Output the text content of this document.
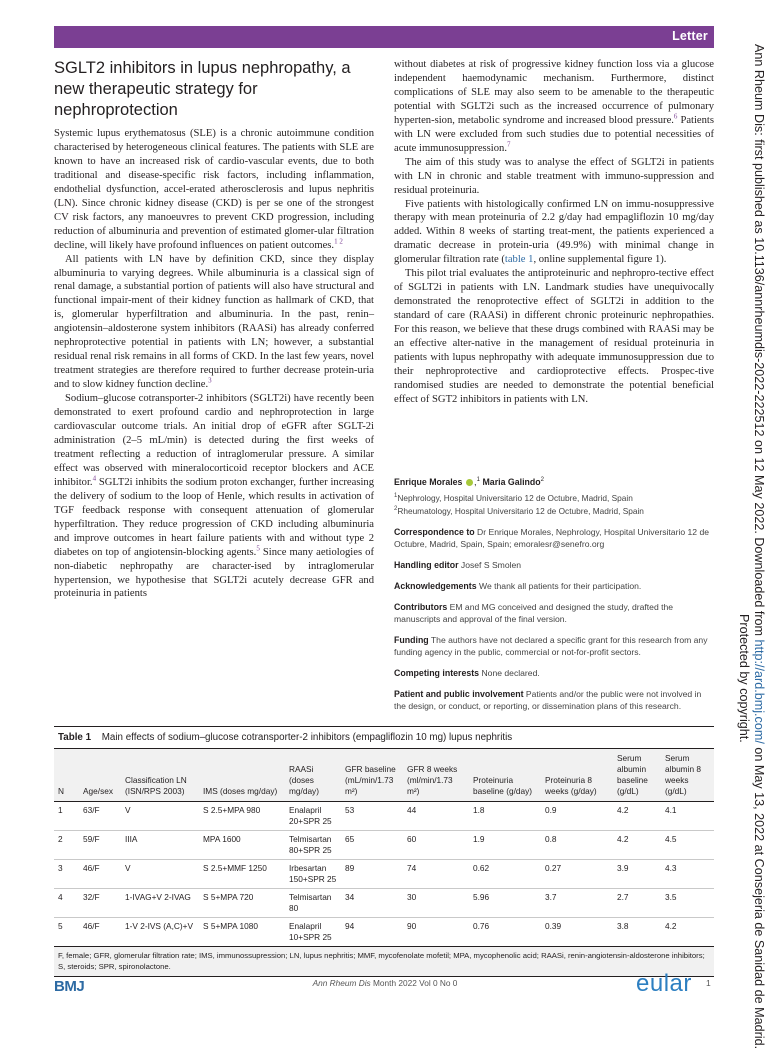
Letter
SGLT2 inhibitors in lupus nephropathy, a new therapeutic strategy for nephroprotection

Systemic lupus erythematosus (SLE) is a chronic autoimmune condition characterised by heterogeneous clinical features. The patients with SLE are known to have an increased risk of cardio-vascular events, due to both traditional and disease-specific risk factors, including inflammation, endothelial dysfunction, accel-erated atherosclerosis and lupus nephritis (LN). Since chronic kidney disease (CKD) is per se one of the strongest CV risk factors, any manoeuvres to prevent CKD progression, including reduction of albuminuria and prevention of estimated glomer-ular filtration decline, will likely have profound influences on patient outcomes.$^{1 2}$

All patients with LN have by definition CKD, since they display albuminuria to varying degrees. While albuminuria is a classical sign of renal damage, a substantial portion of patients will also have structural and functional impair-ment of their kidney function as hallmark of CKD, that is, glomerular hyperfiltration and albuminuria. In the past, renin–angiotensin–aldosterone system inhibitors (RAASi) has already conferred nephroprotective potential in patients with LN; however, a substantial residual renal risk remains in all forms of CKD. In the last few years, novel treatment strategies are therefore required to further decrease protein-uria and to slow kidney function decline.$^3$

Sodium–glucose cotransporter-2 inhibitors (SGLT2i) have recently been demonstrated to exert profound cardio and nephroprotection in large cardiovascular outcome trials. An initial drop of eGFR after SGLT-2i administration (2–5 mL/min) is detected during the first weeks of treatment reflecting a reduction of intraglomerular pressure. A similar effect was observed with mineralocorticoid receptor blockers and ACE inhibitor.$^4$ SGLT2i inhibits the sodium proton exchanger, further increasing the delivery of sodium to the loop of Henle, which results in activation of TGF feedback response with consequent attenuation of glomerular hyperfiltration. They reduce progression of CKD including albuminuria and improve outcomes in heart failure patients with and without type 2 diabetes on top of angiotensin-blocking agents.$^5$ Since many aetiologies of non-diabetic nephropathy are character-ised by intraglomerular hypertension, we hypothesise that SGLT2i acutely decrease GFR and proteinuria in patients

without diabetes at risk of progressive kidney function loss via a glucose independent haemodynamic mechanism. Furthermore, distinct complications of SLE may also seem to be amenable to the therapeutic potential with SGLT2i such as the increased occurrence of pulmonary hyperten-sion, metabolic syndrome and increased blood pressure.$^6$ Patients with LN were excluded from such studies due to potential necessities of acute immunosuppression.$^7$

The aim of this study was to analyse the effect of SGLT2i in patients with LN in chronic and stable treatment with immuno-suppression and residual proteinuria.

Five patients with histologically confirmed LN on immu-nosuppressive therapy with mean proteinuria of 2.2 g/day had empagliflozin 10 mg/day added. Within 8 weeks of starting treat-ment, the patients experienced a dramatic decrease in protein-uria (49.9%) with minimal change in glomerular filtration rate (table 1, online supplemental figure 1).

This pilot trial evaluates the antiproteinuric and nephropro-tective effect of SGLT2i in patients with LN. Landmark studies have unequivocally demonstrated the renoprotective effect of SGLT2i in addition to the standard of care (RAASi) in different chronic proteinuric nephropathies. For this reason, we believe that these drugs combined with RAASi may be an effective alter-native in the management of residual proteinuria in patients with lupus nephropathy with adequate immunosuppression due to their nephroprotective and cardioprotective effects. Prospec-tive randomised studies are needed to demonstrate the potential beneficial effect of SGT2 inhibitors in patients with LN.

Enrique Morales ,$^1$ Maria Galindo$^2$
$^1$Nephrology, Hospital Universitario 12 de Octubre, Madrid, Spain
$^2$Rheumatology, Hospital Universitario 12 de Octubre, Madrid, Spain
Correspondence to Dr Enrique Morales, Nephrology, Hospital Universitario 12 de Octubre, Madrid, Spain, Spain; emoralesr@senefro.org
Handling editor Josef S Smolen
Acknowledgements We thank all patients for their participation.
Contributors EM and MG conceived and designed the study, drafted the manuscripts and approval of the final version.
Funding The authors have not declared a specific grant for this research from any funding agency in the public, commercial or not-for-profit sectors.
Competing interests None declared.
Patient and public involvement Patients and/or the public were not involved in the design, or conduct, or reporting, or dissemination plans of this research.
Table 1 Main effects of sodium–glucose cotransporter-2 inhibitors (empagliflozin 10 mg) lupus nephritis
N	Age/sex	Classification LN (ISN/RPS 2003)	IMS (doses mg/day)	RAASi (doses mg/day)	GFR baseline (mL/min/1.73 m²)	GFR 8 weeks (ml/min/1.73 m²)	Proteinuria baseline (g/day)	Proteinuria 8 weeks (g/day)	Serum albumin baseline (g/dL)	Serum albumin 8 weeks (g/dL)
1	63/F	V	S 2.5+MPA 980	Enalapril 20+SPR 25	53	44	1.8	0.9	4.2	4.1
2	59/F	IIIA	MPA 1600	Telmisartan 80+SPR 25	65	60	1.9	0.8	4.2	4.5
3	46/F	V	S 2.5+MMF 1250	Irbesartan 150+SPR 25	89	74	0.62	0.27	3.9	4.3
4	32/F	1-IVAG+V 2-IVAG	S 5+MPA 720	Telmisartan 80	34	30	5.96	3.7	2.7	3.5
5	46/F	1-V 2-IVS (A,C)+V	S 5+MPA 1080	Enalapril 10+SPR 25	94	90	0.76	0.39	3.8	4.2
F, female; GFR, glomerular filtration rate; IMS, immunossupression; LN, lupus nephritis; MMF, mycofenolate mofetil; MPA, mycophenolic acid; RAASi, renin-angiotensin-aldosterone inhibitors; S, steroids; SPR, spironolactone.
BMJ	Ann Rheum Dis Month 2022 Vol 0 No 0	eular	1
Ann Rheum Dis: first published as 10.1136/annrheumdis-2022-222512 on 12 May 2022. Downloaded from http://ard.bmj.com/ on May 13, 2022 at Consejeria de Sanidad de Madrid.
Protected by copyright.
